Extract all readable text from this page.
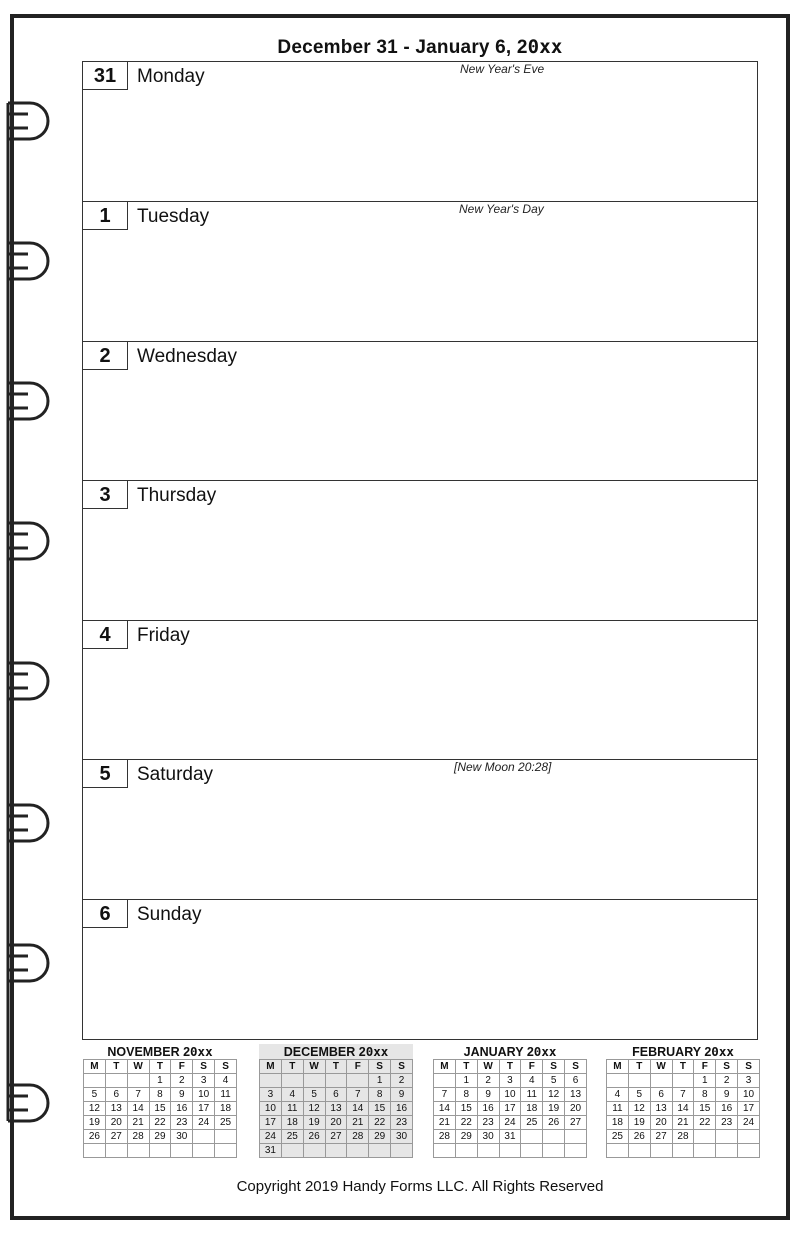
December 31 - January 6, 20xx
31	Monday	New Year's Eve
1	Tuesday	New Year's Day
2	Wednesday
3	Thursday
4	Friday
5	Saturday	[New Moon 20:28]
6	Sunday
NOVEMBER 20xx
M	T	W	T	F	S	S
			1	2	3	4
5	6	7	8	9	10	11
12	13	14	15	16	17	18
19	20	21	22	23	24	25
26	27	28	29	30		

DECEMBER 20xx
M	T	W	T	F	S	S
					1	2
3	4	5	6	7	8	9
10	11	12	13	14	15	16
17	18	19	20	21	22	23
24	25	26	27	28	29	30
31						
JANUARY 20xx
M	T	W	T	F	S	S
	1	2	3	4	5	6
7	8	9	10	11	12	13
14	15	16	17	18	19	20
21	22	23	24	25	26	27
28	29	30	31			

FEBRUARY 20xx
M	T	W	T	F	S	S
				1	2	3
4	5	6	7	8	9	10
11	12	13	14	15	16	17
18	19	20	21	22	23	24
25	26	27	28			

Copyright 2019 Handy Forms LLC. All Rights Reserved
